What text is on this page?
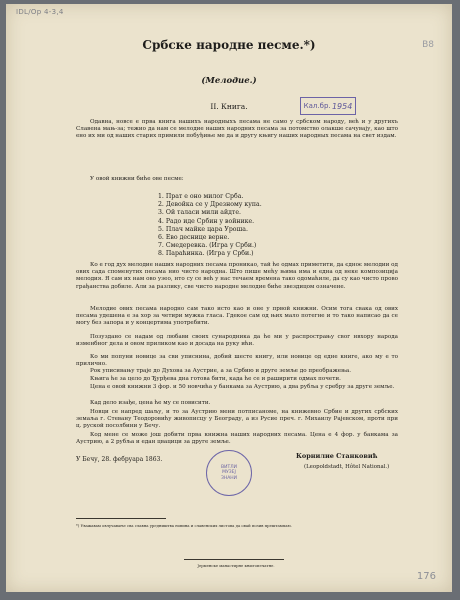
IDL/Op 4-3,4
B8
Србске народне песме.*)
(Мелодие.)
Кал.бр. 1954
II. Книга.
Одавна, новсе е прва книга нашихъ народныхъ песама не само у србском народу, већ и у другихъ Славена мањ-за; тежио да нам се мелодие наших народних песама за потомство олакше сачувају, као што ено их ми од наших старих примили побуђиње ме да и другу књигу наших народных песама на свет издам.
У овой книжни биће ове песме:
1. Прат е оно милог Срба.
2. Девойка се у Дрезному купа.
3. Ой таласи мили айдте.
4. Радо иде Србин у войнике.
5. Плач майке цара Уроша.
6. Ево деснице верне.
7. Смедеревка. (Игра у Срби.)
8. Параћинка. (Игра у Срби.)
Ко е год дух мелодие наших народних песама проникао, тай ће одмах приметити, да єдноє мелодии од овиx сада споменутих песама нио чисто народна. Што пише мећу њима има и една од неке композиција мелодия. Я сам их нам ово узео, нто су се већ у нас течаем времена тако одомаћиле, да су као чисто прово грађанства добиле. Али за разлику, све чисто народне мелодие биће звездицом означене.
Мелодие ових песама народно сам тако исто као и оне у првой книжни. Осим тога свака од ових песама удешена е за хор за четири мужка гласа. Гдекое сам од њих мало потегне и то тако написао да се могу без запора и у концертима употребити.
Позуздано се надам од любави своих сународника да ће ми у распрострању свог нвхору народа изменбног дела и овом приликом као и досада на руку ићи.
Ко ми попуни новице за сви уписнина, добий шесте книгу, или новице од едне книге, ако му е то прилично.
Рок уписивању траје до Духова за Аустрие, а за Србию и друге земље до преображења.
Књига ће за цело до Ђурђева дна готова бити, кадa ће се и раширити одмах почети.
Цена е овой книжни 3 фор. и 50 новчића у банкама за Аустрию, а два рубља у сребру за друге земље.
Кад дело изађе, цена ће му се повисити.
Новци се напред шаљу, и то за Аустрию мени потписаноме, на книжевно Србие и других србских земаља г. Стевану Теодоровићу живописцу у Београду, а из Русие преч. г. Михаилу Рајевском, проти при ц. руской посолбини у Бечу.
Код мене се може још добити прва книжна наших народних песама. Цена е 4 фор. у банкама за Аустрию, а 2 рубља и едан цвацици за друге земље.
У Бечу, 28. фебруара 1863.
ВИТЛИ
МУЗЕЈ
ЗНАНИ
Корнилие Станковић
(Leopoldstadt, Hôtel National.)
*) Уважавам овлучавање сва славна уредништва новина и славенских листова да овай позив прештампаю.
Јерменскe манастирне књигопечатне.
176
